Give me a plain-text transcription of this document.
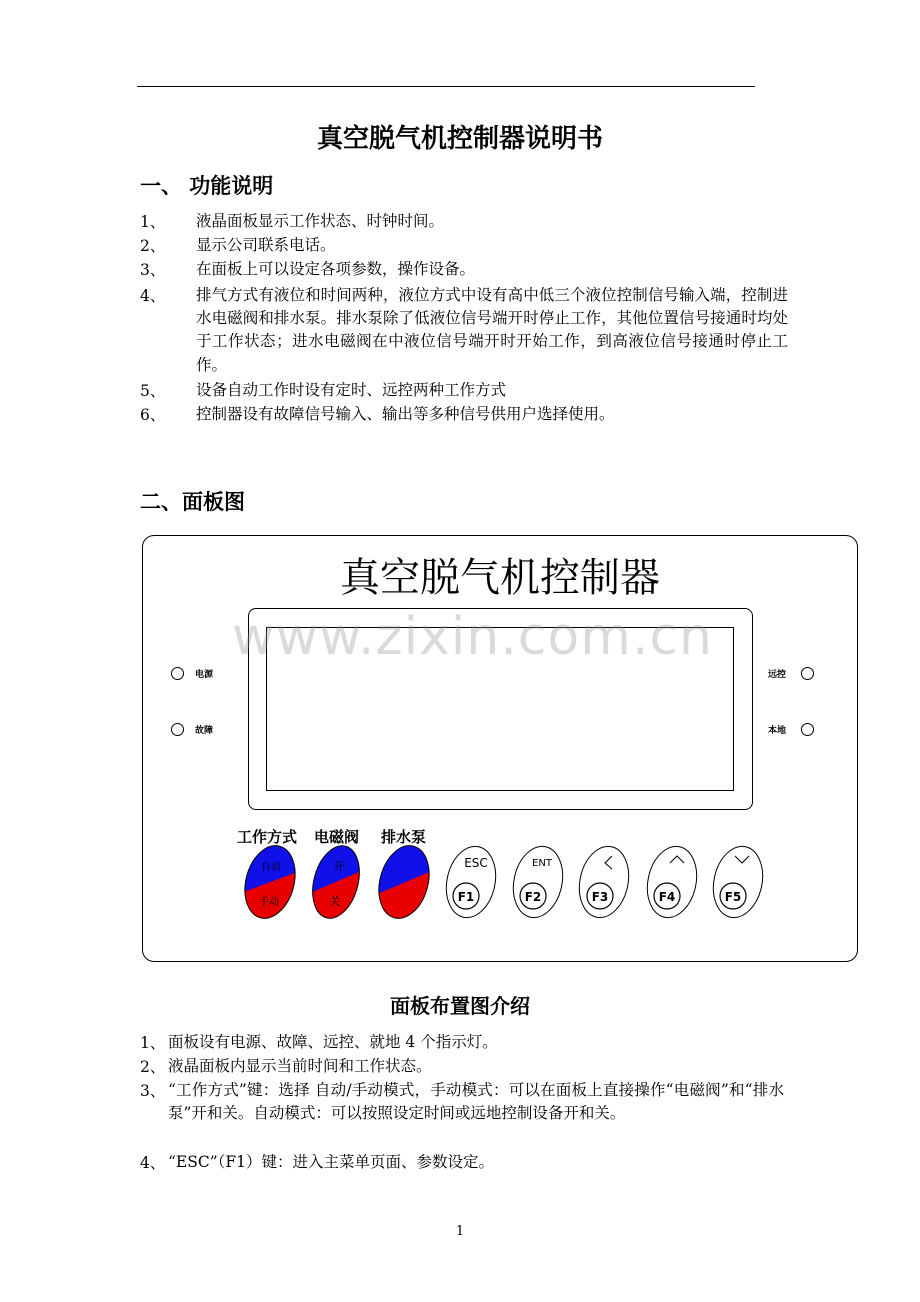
真空脱气机控制器说明书
一、 功能说明
1、 液晶面板显示工作状态、时钟时间。
2、 显示公司联系电话。
3、 在面板上可以设定各项参数，操作设备。
4、 排气方式有液位和时间两种，液位方式中设有高中低三个液位控制信号输入端，控制进水电磁阀和排水泵。排水泵除了低液位信号端开时停止工作，其他位置信号接通时均处于工作状态；进水电磁阀在中液位信号端开时开始工作，到高液位信号接通时停止工作。
5、 设备自动工作时设有定时、远控两种工作方式
6、 控制器设有故障信号输入、输出等多种信号供用户选择使用。
二、面板图
真空脱气机控制器
电源
故障
远控
本地
工作方式 电磁阀 排水泵
自动
手动
开
关
ESC
F1
ENT
F2	F3	F4	F5
www.zixin.com.cn
面板布置图介绍
1、 面板设有电源、故障、远控、就地 4 个指示灯。
2、 液晶面板内显示当前时间和工作状态。
3、 “工作方式”键：选择 自动/手动模式，手动模式：可以在面板上直接操作“电磁阀”和“排水泵”开和关。自动模式：可以按照设定时间或远地控制设备开和关。
4、 “ESC”（F1）键：进入主菜单页面、参数设定。
1
